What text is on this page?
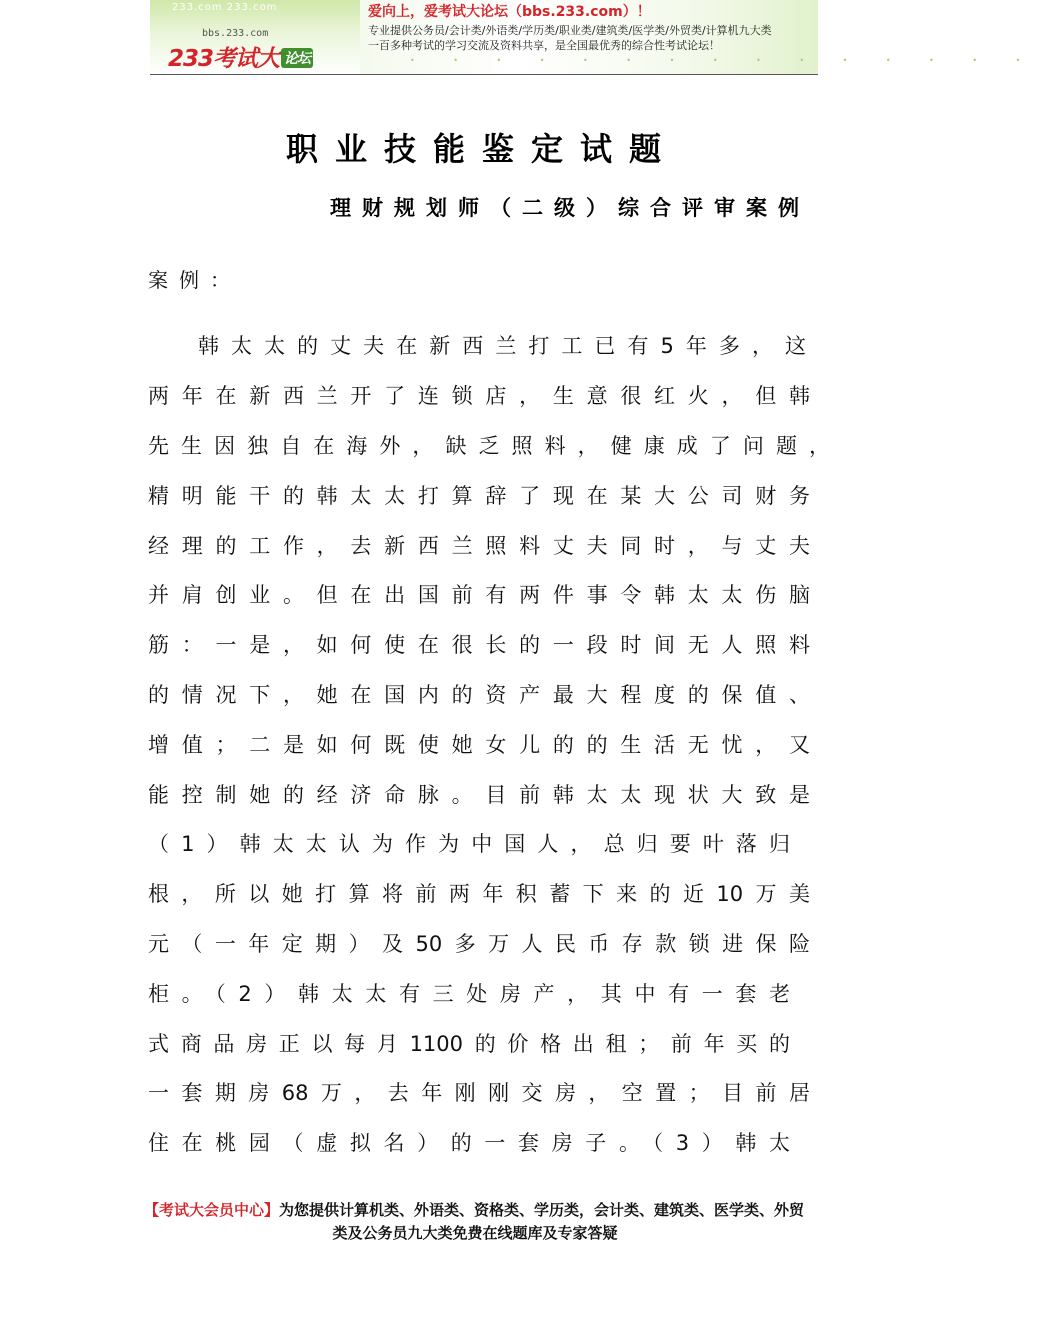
233.com 233.com
bbs.233.com
233考试大 论坛
爱向上，爱考试大论坛（bbs.233.com）！
专业提供公务员/会计类/外语类/学历类/职业类/建筑类/医学类/外贸类/计算机九大类
一百多种考试的学习交流及资料共享，是全国最优秀的综合性考试论坛！
• • • • • • • • • • • • • • •
职业技能鉴定试题
理财规划师（二级）综合评审案例
案例：
韩太太的丈夫在新西兰打工已有5年多，这
两年在新西兰开了连锁店，生意很红火，但韩
先生因独自在海外，缺乏照料，健康成了问题，
精明能干的韩太太打算辞了现在某大公司财务
经理的工作，去新西兰照料丈夫同时，与丈夫
并肩创业。但在出国前有两件事令韩太太伤脑
筋：一是，如何使在很长的一段时间无人照料
的情况下，她在国内的资产最大程度的保值、
增值；二是如何既使她女儿的的生活无忧，又
能控制她的经济命脉。目前韩太太现状大致是
（1）韩太太认为作为中国人，总归要叶落归
根，所以她打算将前两年积蓄下来的近10万美
元（一年定期）及50多万人民币存款锁进保险
柜。（2）韩太太有三处房产，其中有一套老
式商品房正以每月1100的价格出租；前年买的
一套期房68万，去年刚刚交房，空置；目前居
住在桃园（虚拟名）的一套房子。（3）韩太
【考试大会员中心】为您提供计算机类、外语类、资格类、学历类，会计类、建筑类、医学类、外贸
类及公务员九大类免费在线题库及专家答疑
